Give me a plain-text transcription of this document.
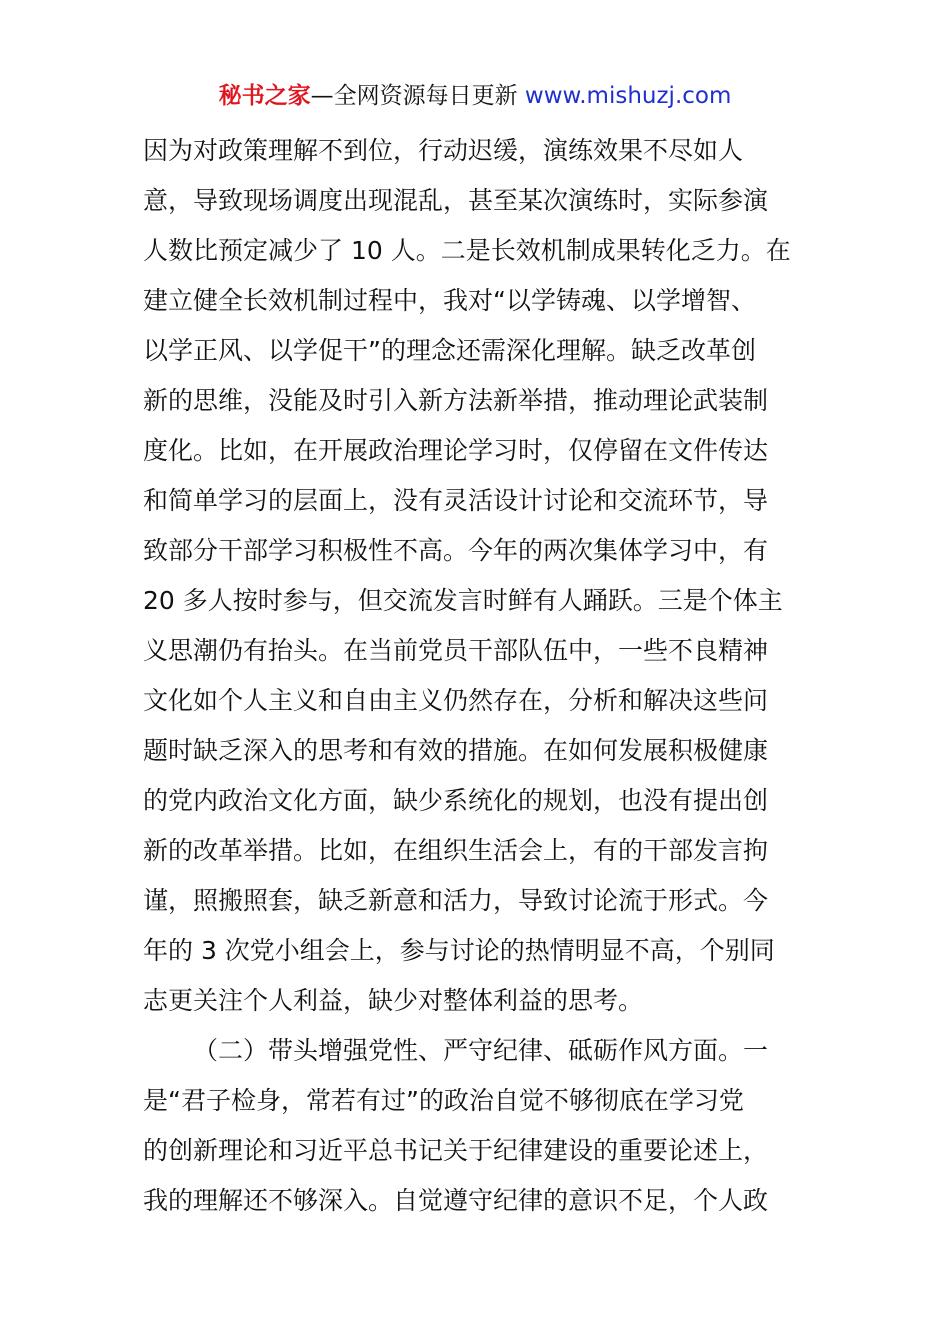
秘书之家—全网资源每日更新 www.mishuzj.com
因为对政策理解不到位，行动迟缓，演练效果不尽如人
意，导致现场调度出现混乱，甚至某次演练时，实际参演
人数比预定减少了 10 人。二是长效机制成果转化乏力。在
建立健全长效机制过程中，我对“以学铸魂、以学增智、
以学正风、以学促干”的理念还需深化理解。缺乏改革创
新的思维，没能及时引入新方法新举措，推动理论武装制
度化。比如，在开展政治理论学习时，仅停留在文件传达
和简单学习的层面上，没有灵活设计讨论和交流环节，导
致部分干部学习积极性不高。今年的两次集体学习中，有
20 多人按时参与，但交流发言时鲜有人踊跃。三是个体主
义思潮仍有抬头。在当前党员干部队伍中，一些不良精神
文化如个人主义和自由主义仍然存在，分析和解决这些问
题时缺乏深入的思考和有效的措施。在如何发展积极健康
的党内政治文化方面，缺少系统化的规划，也没有提出创
新的改革举措。比如，在组织生活会上，有的干部发言拘
谨，照搬照套，缺乏新意和活力，导致讨论流于形式。今
年的 3 次党小组会上，参与讨论的热情明显不高，个别同
志更关注个人利益，缺少对整体利益的思考。
（二）带头增强党性、严守纪律、砥砺作风方面。一
是“君子检身，常若有过”的政治自觉不够彻底在学习党
的创新理论和习近平总书记关于纪律建设的重要论述上，
我的理解还不够深入。自觉遵守纪律的意识不足，个人政
